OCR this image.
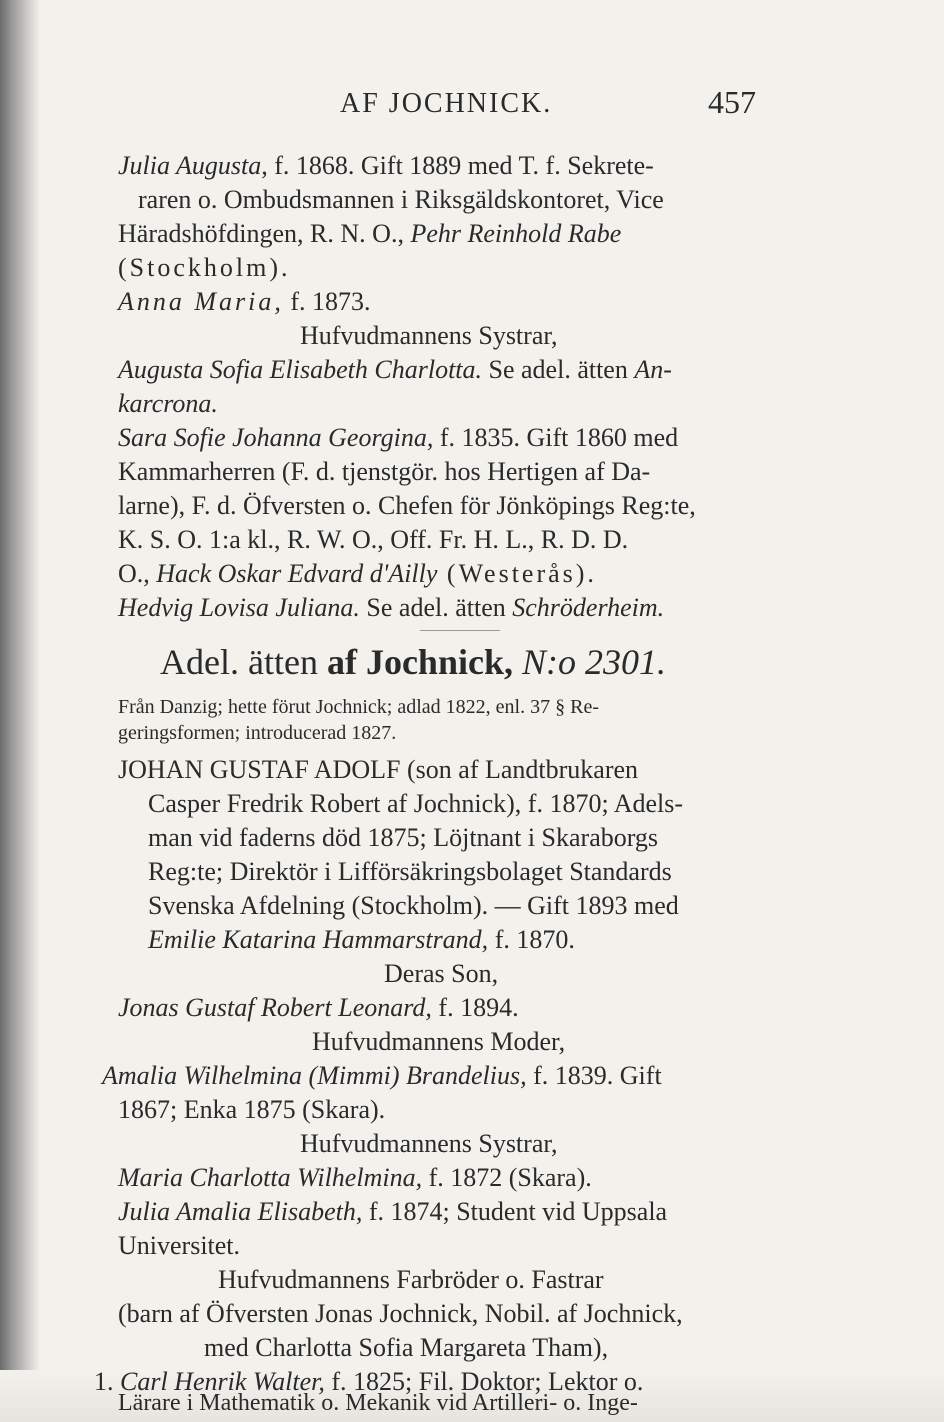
AF JOCHNICK.	457
Julia Augusta, f. 1868. Gift 1889 med T. f. Sekrete-
raren o. Ombudsmannen i Riksgäldskontoret, Vice
Häradshöfdingen, R. N. O., Pehr Reinhold Rabe
(Stockholm).
Anna Maria, f. 1873.
Hufvudmannens Systrar,
Augusta Sofia Elisabeth Charlotta. Se adel. ätten An-
karcrona.
Sara Sofie Johanna Georgina, f. 1835. Gift 1860 med
Kammarherren (F. d. tjenstgör. hos Hertigen af Da-
larne), F. d. Öfversten o. Chefen för Jönköpings Reg:te,
K. S. O. 1:a kl., R. W. O., Off. Fr. H. L., R. D. D.
O., Hack Oskar Edvard d'Ailly (Westerås).
Hedvig Lovisa Juliana. Se adel. ätten Schröderheim.
Adel. ätten af Jochnick, N:o 2301.
Från Danzig; hette förut Jochnick; adlad 1822, enl. 37 § Re-
geringsformen; introducerad 1827.
JOHAN GUSTAF ADOLF (son af Landtbrukaren
Casper Fredrik Robert af Jochnick), f. 1870; Adels-
man vid faderns död 1875; Löjtnant i Skaraborgs
Reg:te; Direktör i Lifförsäkringsbolaget Standards
Svenska Afdelning (Stockholm). — Gift 1893 med
Emilie Katarina Hammarstrand, f. 1870.
Deras Son,
Jonas Gustaf Robert Leonard, f. 1894.
Hufvudmannens Moder,
Amalia Wilhelmina (Mimmi) Brandelius, f. 1839. Gift
1867; Enka 1875 (Skara).
Hufvudmannens Systrar,
Maria Charlotta Wilhelmina, f. 1872 (Skara).
Julia Amalia Elisabeth, f. 1874; Student vid Uppsala
Universitet.
Hufvudmannens Farbröder o. Fastrar
(barn af Öfversten Jonas Jochnick, Nobil. af Jochnick,
med Charlotta Sofia Margareta Tham),
1. Carl Henrik Walter, f. 1825; Fil. Doktor; Lektor o.
Lärare i Mathematik o. Mekanik vid Artilleri- o. Inge-
